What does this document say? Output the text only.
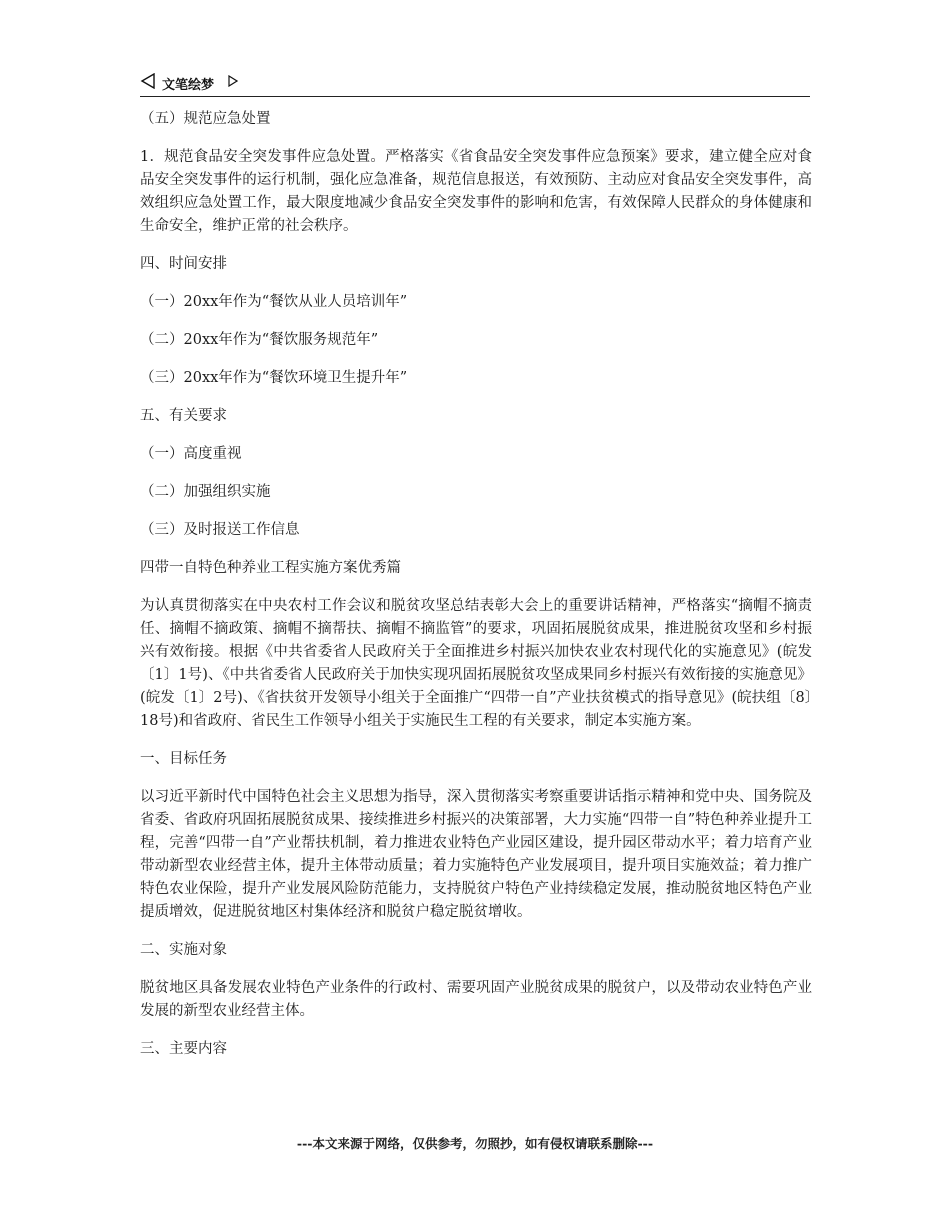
文笔绘梦

（五）规范应急处置

1．规范食品安全突发事件应急处置。严格落实《省食品安全突发事件应急预案》要求，建立健全应对食品安全突发事件的运行机制，强化应急准备，规范信息报送，有效预防、主动应对食品安全突发事件，高效组织应急处置工作，最大限度地减少食品安全突发事件的影响和危害，有效保障人民群众的身体健康和生命安全，维护正常的社会秩序。

四、时间安排

（一）20xx年作为“餐饮从业人员培训年”

（二）20xx年作为“餐饮服务规范年”

（三）20xx年作为“餐饮环境卫生提升年”

五、有关要求

（一）高度重视

（二）加强组织实施

（三）及时报送工作信息

四带一自特色种养业工程实施方案优秀篇

为认真贯彻落实在中央农村工作会议和脱贫攻坚总结表彰大会上的重要讲话精神，严格落实“摘帽不摘责任、摘帽不摘政策、摘帽不摘帮扶、摘帽不摘监管”的要求，巩固拓展脱贫成果，推进脱贫攻坚和乡村振兴有效衔接。根据《中共省委省人民政府关于全面推进乡村振兴加快农业农村现代化的实施意见》(皖发〔1〕1号)、《中共省委省人民政府关于加快实现巩固拓展脱贫攻坚成果同乡村振兴有效衔接的实施意见》(皖发〔1〕2号)、《省扶贫开发领导小组关于全面推广“四带一自”产业扶贫模式的指导意见》(皖扶组〔8〕18号)和省政府、省民生工作领导小组关于实施民生工程的有关要求，制定本实施方案。

一、目标任务

以习近平新时代中国特色社会主义思想为指导，深入贯彻落实考察重要讲话指示精神和党中央、国务院及省委、省政府巩固拓展脱贫成果、接续推进乡村振兴的决策部署，大力实施“四带一自”特色种养业提升工程，完善“四带一自”产业帮扶机制，着力推进农业特色产业园区建设，提升园区带动水平；着力培育产业带动新型农业经营主体，提升主体带动质量；着力实施特色产业发展项目，提升项目实施效益；着力推广特色农业保险，提升产业发展风险防范能力，支持脱贫户特色产业持续稳定发展，推动脱贫地区特色产业提质增效，促进脱贫地区村集体经济和脱贫户稳定脱贫增收。

二、实施对象

脱贫地区具备发展农业特色产业条件的行政村、需要巩固产业脱贫成果的脱贫户，以及带动农业特色产业发展的新型农业经营主体。

三、主要内容

---本文来源于网络，仅供参考，勿照抄，如有侵权请联系删除---
